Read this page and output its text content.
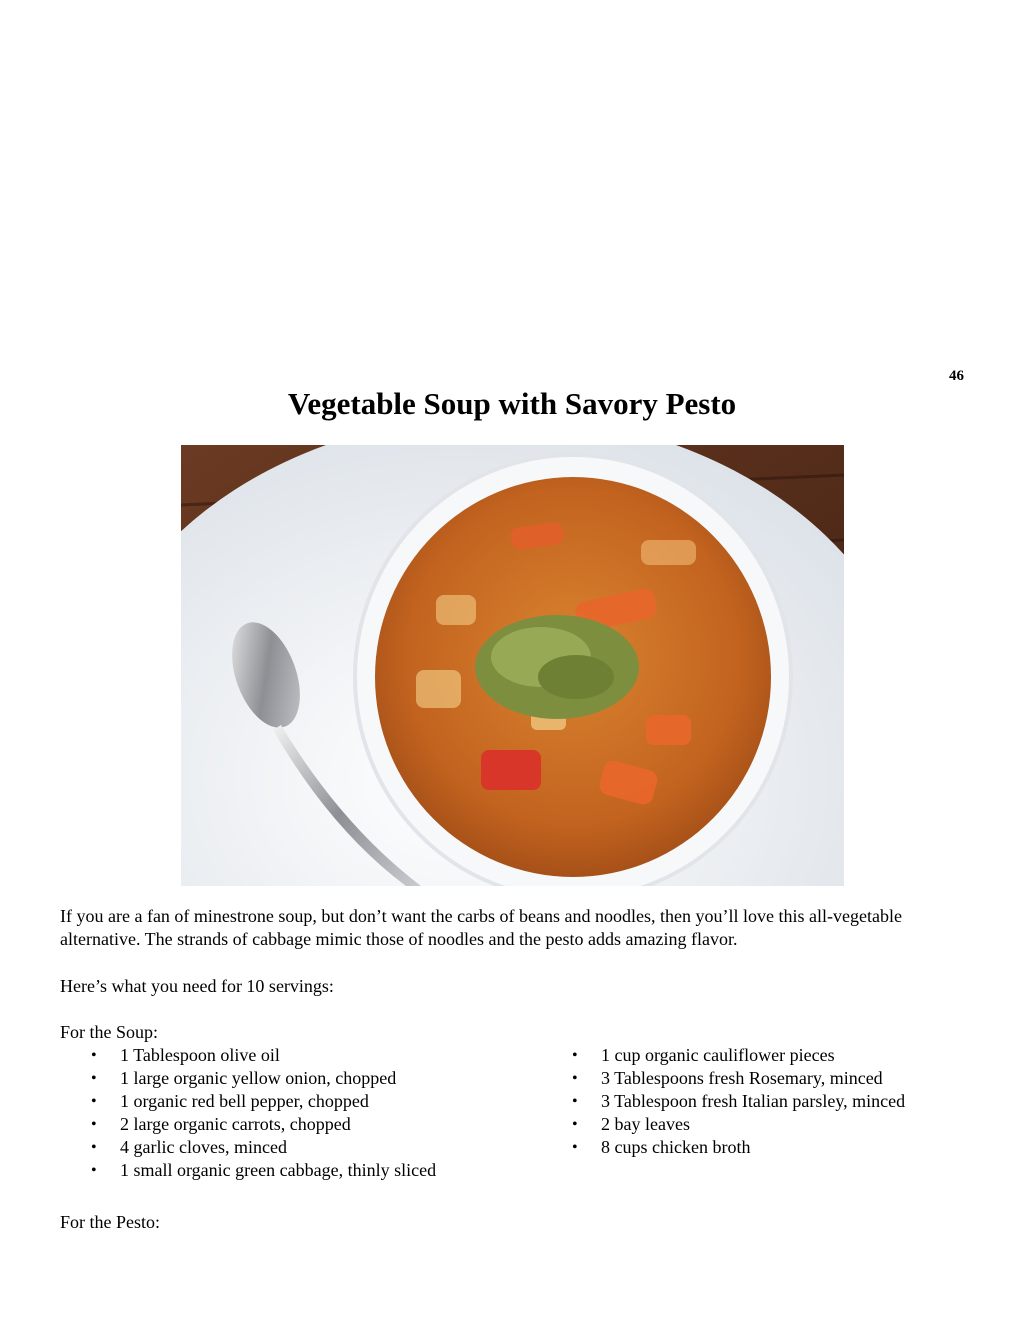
46
Vegetable Soup with Savory Pesto

If you are a fan of minestrone soup, but don’t want the carbs of beans and noodles, then you’ll love this all-vegetable alternative. The strands of cabbage mimic those of noodles and the pesto adds amazing flavor.

Here’s what you need for 10 servings:

For the Soup:

• 1 Tablespoon olive oil
• 1 large organic yellow onion, chopped
• 1 organic red bell pepper, chopped
• 2 large organic carrots, chopped
• 4 garlic cloves, minced
• 1 small organic green cabbage, thinly sliced
• 1 cup organic cauliflower pieces
• 3 Tablespoons fresh Rosemary, minced
• 3 Tablespoon fresh Italian parsley, minced
• 2 bay leaves
• 8 cups chicken broth

For the Pesto:
